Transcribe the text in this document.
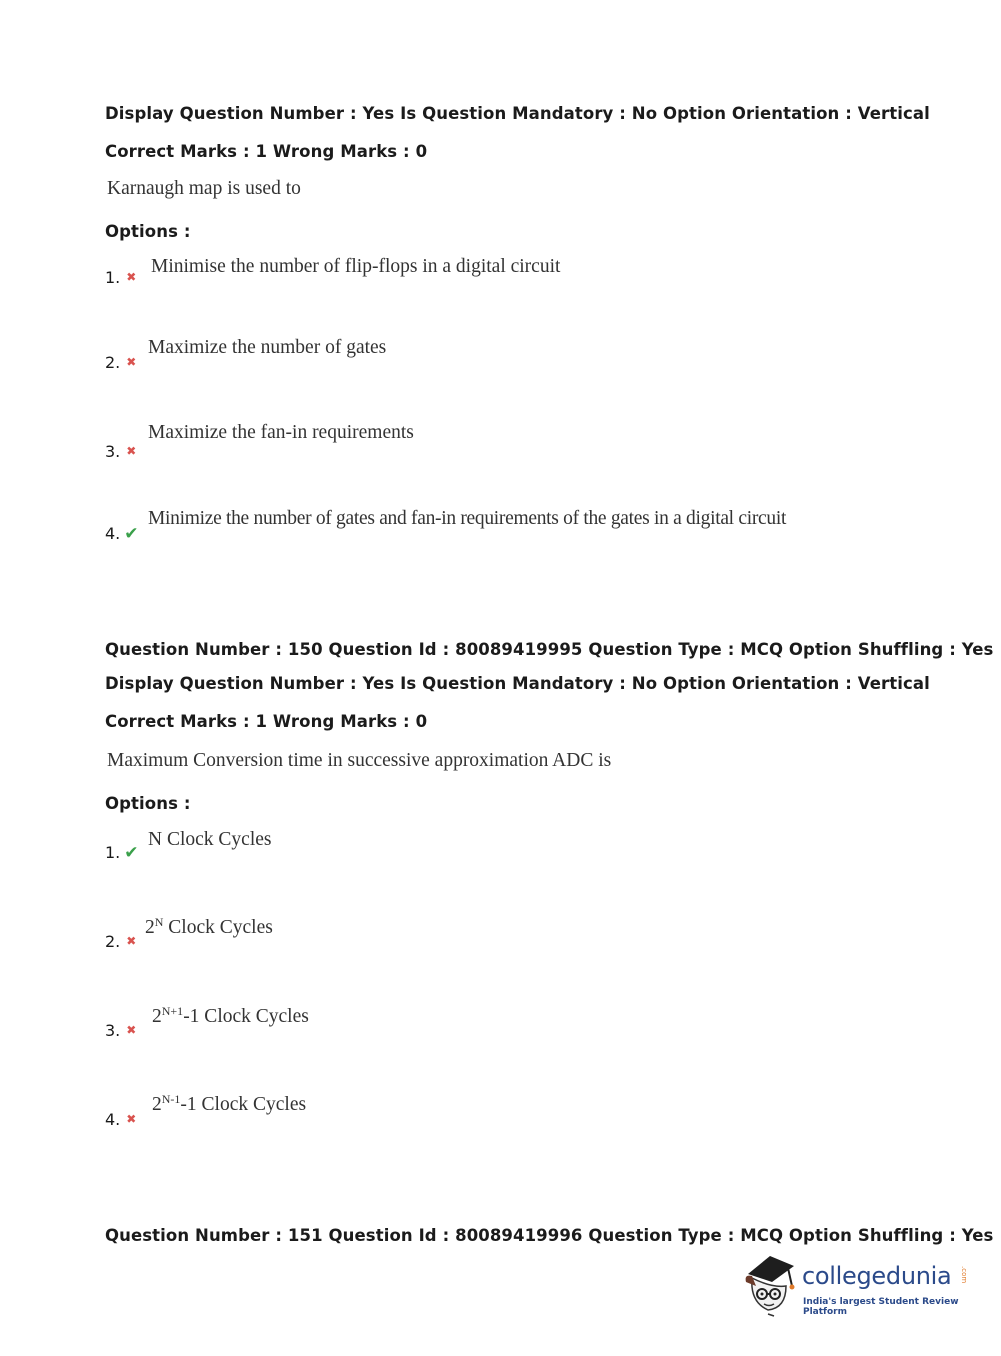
Display Question Number : Yes Is Question Mandatory : No Option Orientation : Vertical
Correct Marks : 1 Wrong Marks : 0
Karnaugh map is used to
Options :
1. ✖ Minimise the number of flip-flops in a digital circuit
2. ✖
Maximize the number of gates
3. ✖
Maximize the fan-in requirements
4. ✔
Minimize the number of gates and fan-in requirements of the gates in a digital circuit
Question Number : 150 Question Id : 80089419995 Question Type : MCQ Option Shuffling : Yes
Display Question Number : Yes Is Question Mandatory : No Option Orientation : Vertical
Correct Marks : 1 Wrong Marks : 0
Maximum Conversion time in successive approximation ADC is
Options :
1. ✔
N Clock Cycles
2. ✖
$2^N$ Clock Cycles
3. ✖
$2^{N+1}-1$ Clock Cycles
4. ✖
$2^{N-1}-1$ Clock Cycles
Question Number : 151 Question Id : 80089419996 Question Type : MCQ Option Shuffling : Yes
collegedunia .com
India's largest Student Review Platform
